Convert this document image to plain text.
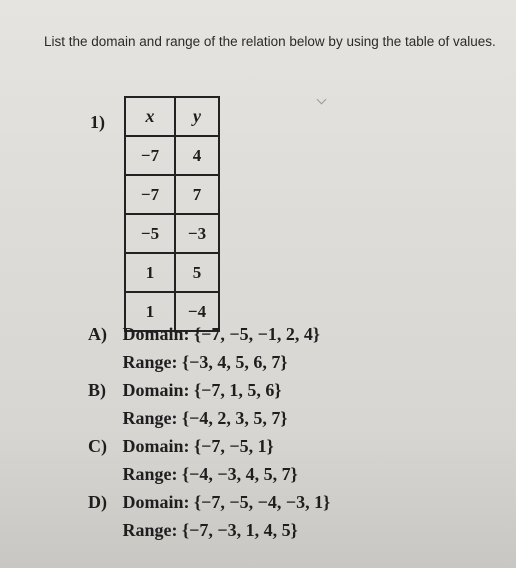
List the domain and range of the relation below by using the table of values.
1) x	y
−7	4
−7	7
−5	−3
1	5
1	−4
A) Domain: {−7, −5, −1, 2, 4}
Range: {−3, 4, 5, 6, 7}
B) Domain: {−7, 1, 5, 6}
Range: {−4, 2, 3, 5, 7}
C) Domain: {−7, −5, 1}
Range: {−4, −3, 4, 5, 7}
D) Domain: {−7, −5, −4, −3, 1}
Range: {−7, −3, 1, 4, 5}
